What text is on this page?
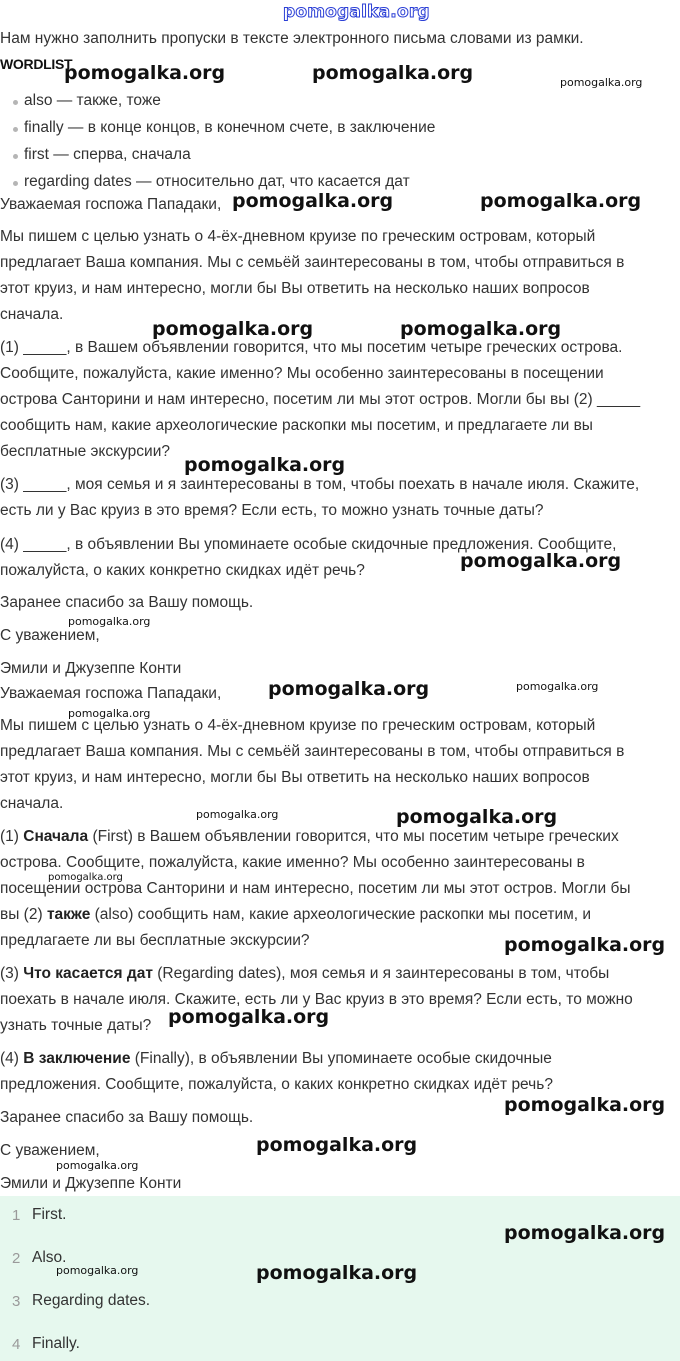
pomogalka.org
Нам нужно заполнить пропуски в тексте электронного письма словами из рамки.
WORDLIST
also — также, тоже
finally — в конце концов, в конечном счете, в заключение
first — сперва, сначала
regarding dates — относительно дат, что касается дат
Уважаемая госпожа Пападаки,
Мы пишем с целью узнать о 4-ёх-дневном круизе по греческим островам, который
предлагает Ваша компания. Мы с семьёй заинтересованы в том, чтобы отправиться в
этот круиз, и нам интересно, могли бы Вы ответить на несколько наших вопросов
сначала.
(1) _____, в Вашем объявлении говорится, что мы посетим четыре греческих острова.
Сообщите, пожалуйста, какие именно? Мы особенно заинтересованы в посещении
острова Санторини и нам интересно, посетим ли мы этот остров. Могли бы вы (2) _____
сообщить нам, какие археологические раскопки мы посетим, и предлагаете ли вы
бесплатные экскурсии?
(3) _____, моя семья и я заинтересованы в том, чтобы поехать в начале июля. Скажите,
есть ли у Вас круиз в это время? Если есть, то можно узнать точные даты?
(4) _____, в объявлении Вы упоминаете особые скидочные предложения. Сообщите,
пожалуйста, о каких конкретно скидках идёт речь?
Заранее спасибо за Вашу помощь.
С уважением,
Эмили и Джузеппе Конти
Уважаемая госпожа Пападаки,
Мы пишем с целью узнать о 4-ёх-дневном круизе по греческим островам, который
предлагает Ваша компания. Мы с семьёй заинтересованы в том, чтобы отправиться в
этот круиз, и нам интересно, могли бы Вы ответить на несколько наших вопросов
сначала.
(1) Сначала (First) в Вашем объявлении говорится, что мы посетим четыре греческих
острова. Сообщите, пожалуйста, какие именно? Мы особенно заинтересованы в
посещении острова Санторини и нам интересно, посетим ли мы этот остров. Могли бы
вы (2) также (also) сообщить нам, какие археологические раскопки мы посетим, и
предлагаете ли вы бесплатные экскурсии?
(3) Что касается дат (Regarding dates), моя семья и я заинтересованы в том, чтобы
поехать в начале июля. Скажите, есть ли у Вас круиз в это время? Если есть, то можно
узнать точные даты?
(4) В заключение (Finally), в объявлении Вы упоминаете особые скидочные
предложения. Сообщите, пожалуйста, о каких конкретно скидках идёт речь?
Заранее спасибо за Вашу помощь.
С уважением,
Эмили и Джузеппе Конти
1 First.
2 Also.
3 Regarding dates.
4 Finally.
pomogalka.org	pomogalka.org	pomogalka.org
pomogalka.org	pomogalka.org
pomogalka.org	pomogalka.org
pomogalka.org
pomogalka.org
pomogalka.org
pomogalka.org	pomogalka.org
pomogalka.org
pomogalka.org	pomogalka.org
pomogalka.org
pomogalka.org
pomogalka.org
pomogalka.org
pomogalka.org
pomogalka.org
pomogalka.org
pomogalka.org	pomogalka.org
